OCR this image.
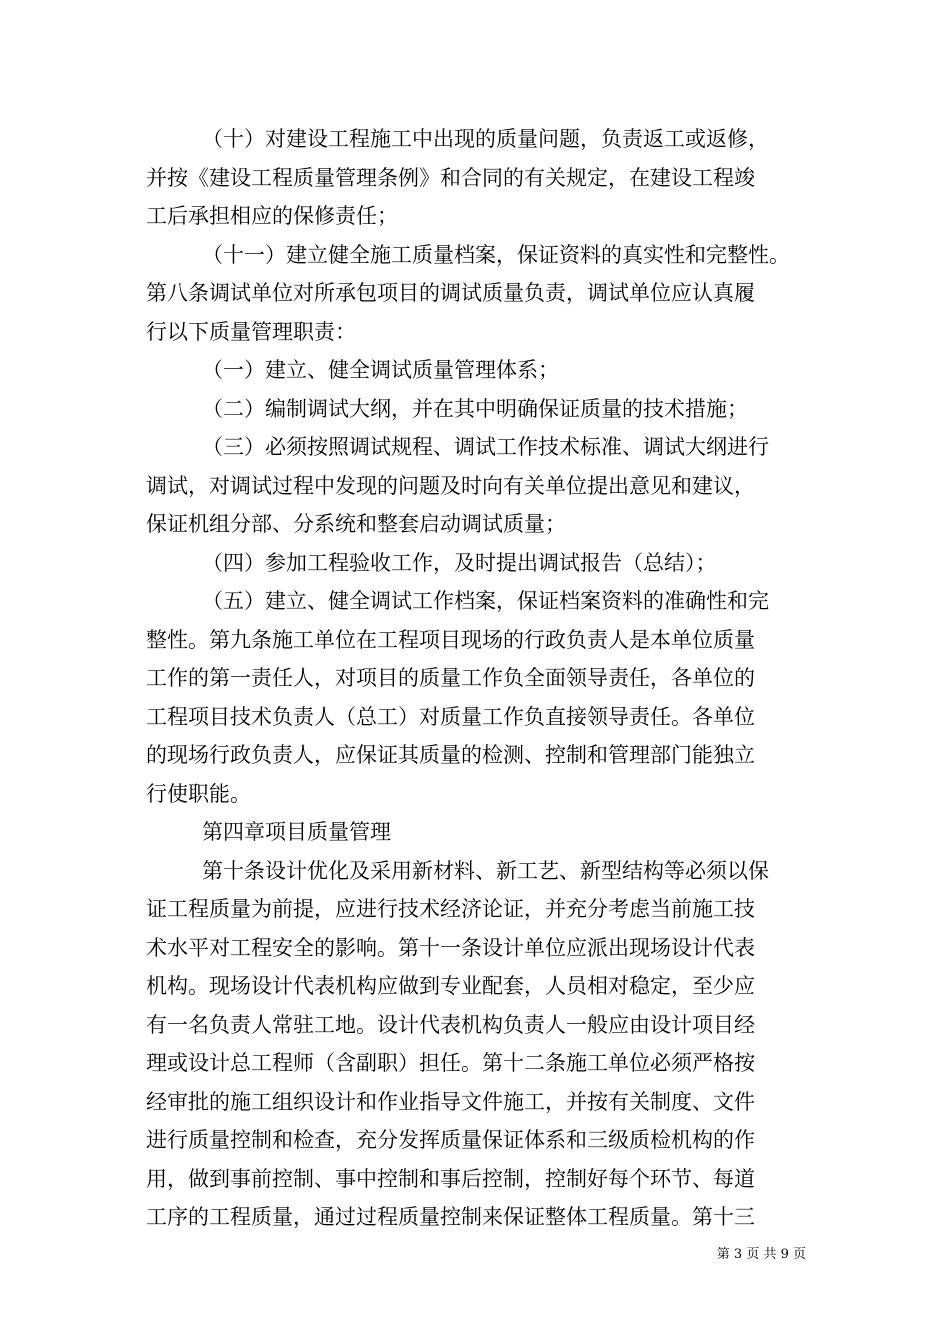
（十）对建设工程施工中出现的质量问题，负责返工或返修，
并按《建设工程质量管理条例》和合同的有关规定，在建设工程竣
工后承担相应的保修责任；
（十一）建立健全施工质量档案，保证资料的真实性和完整性。
第八条调试单位对所承包项目的调试质量负责，调试单位应认真履
行以下质量管理职责：
（一）建立、健全调试质量管理体系；
（二）编制调试大纲，并在其中明确保证质量的技术措施；
（三）必须按照调试规程、调试工作技术标准、调试大纲进行
调试，对调试过程中发现的问题及时向有关单位提出意见和建议，
保证机组分部、分系统和整套启动调试质量；
（四）参加工程验收工作，及时提出调试报告（总结）；
（五）建立、健全调试工作档案，保证档案资料的准确性和完
整性。第九条施工单位在工程项目现场的行政负责人是本单位质量
工作的第一责任人，对项目的质量工作负全面领导责任，各单位的
工程项目技术负责人（总工）对质量工作负直接领导责任。各单位
的现场行政负责人，应保证其质量的检测、控制和管理部门能独立
行使职能。
第四章项目质量管理
第十条设计优化及采用新材料、新工艺、新型结构等必须以保
证工程质量为前提，应进行技术经济论证，并充分考虑当前施工技
术水平对工程安全的影响。第十一条设计单位应派出现场设计代表
机构。现场设计代表机构应做到专业配套，人员相对稳定，至少应
有一名负责人常驻工地。设计代表机构负责人一般应由设计项目经
理或设计总工程师（含副职）担任。第十二条施工单位必须严格按
经审批的施工组织设计和作业指导文件施工，并按有关制度、文件
进行质量控制和检查，充分发挥质量保证体系和三级质检机构的作
用，做到事前控制、事中控制和事后控制，控制好每个环节、每道
工序的工程质量，通过过程质量控制来保证整体工程质量。第十三
第 3 页 共 9 页
